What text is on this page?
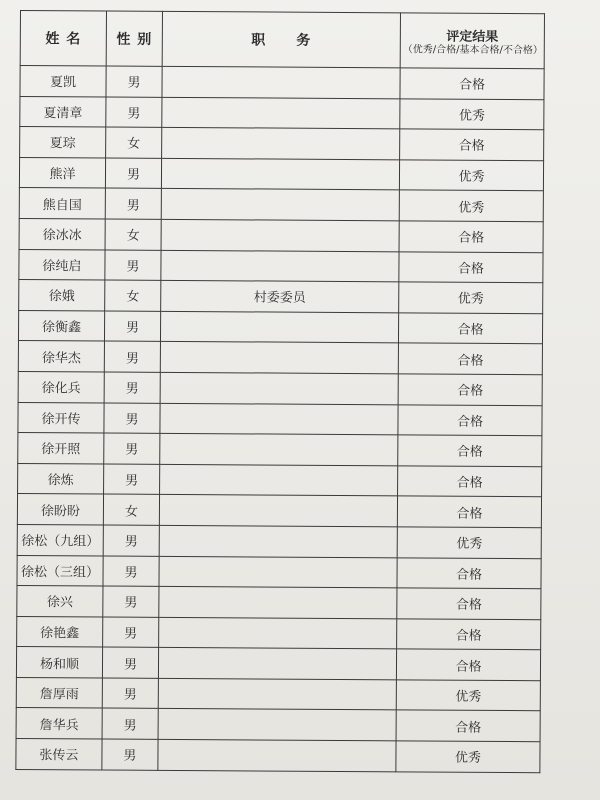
姓 名	性 别	职　　务	评定结果
（优秀/合格/基本合格/不合格）

夏凯	男		合格
夏清章	男		优秀
夏琮	女		合格
熊洋	男		优秀
熊自国	男		优秀
徐冰冰	女		合格
徐纯启	男		合格
徐娥	女	村委委员	优秀
徐衡鑫	男		合格
徐华杰	男		合格
徐化兵	男		合格
徐开传	男		合格
徐开照	男		合格
徐炼	男		合格
徐盼盼	女		合格
徐松（九组）	男		优秀
徐松（三组）	男		合格
徐兴	男		合格
徐艳鑫	男		合格
杨和顺	男		合格
詹厚雨	男		优秀
詹华兵	男		合格
张传云	男		优秀
